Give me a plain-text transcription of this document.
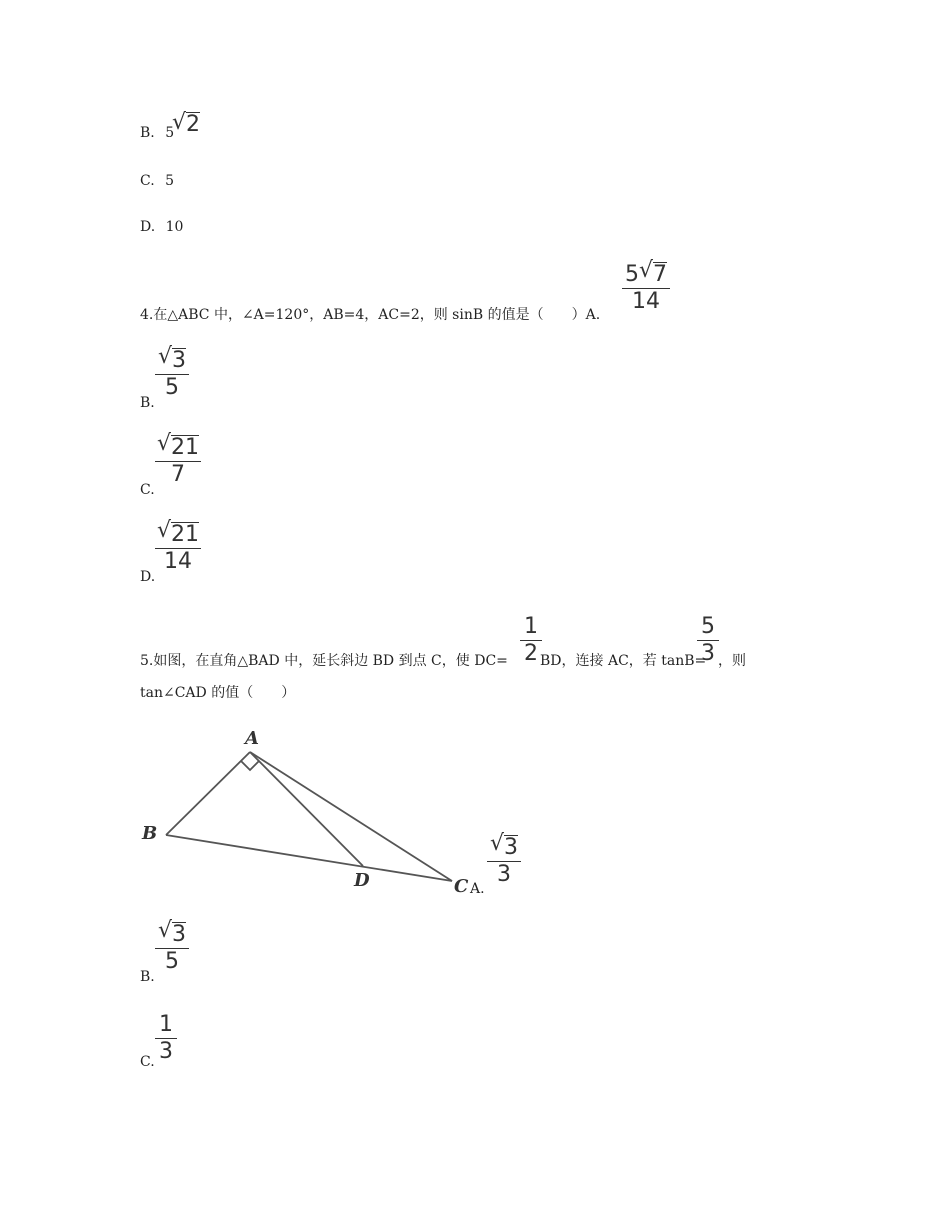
B. 5
√ 2
C. 5
D. 10
4.在△ABC 中，∠A=120°，AB=4，AC=2，则 sinB 的值是（　　）A.
5 √ 7
14
B.
√ 3
5
C.
√ 21
7
D.
√ 21
14
5.如图，在直角△BAD 中，延长斜边 BD 到点 C，使 DC=
1
2 BD，连接 AC，若 tanB=
5
3 ，则
tan∠CAD 的值（　　）
A
B
D	C A.
√ 3
3
B.
√ 3
5
C.
1
3
